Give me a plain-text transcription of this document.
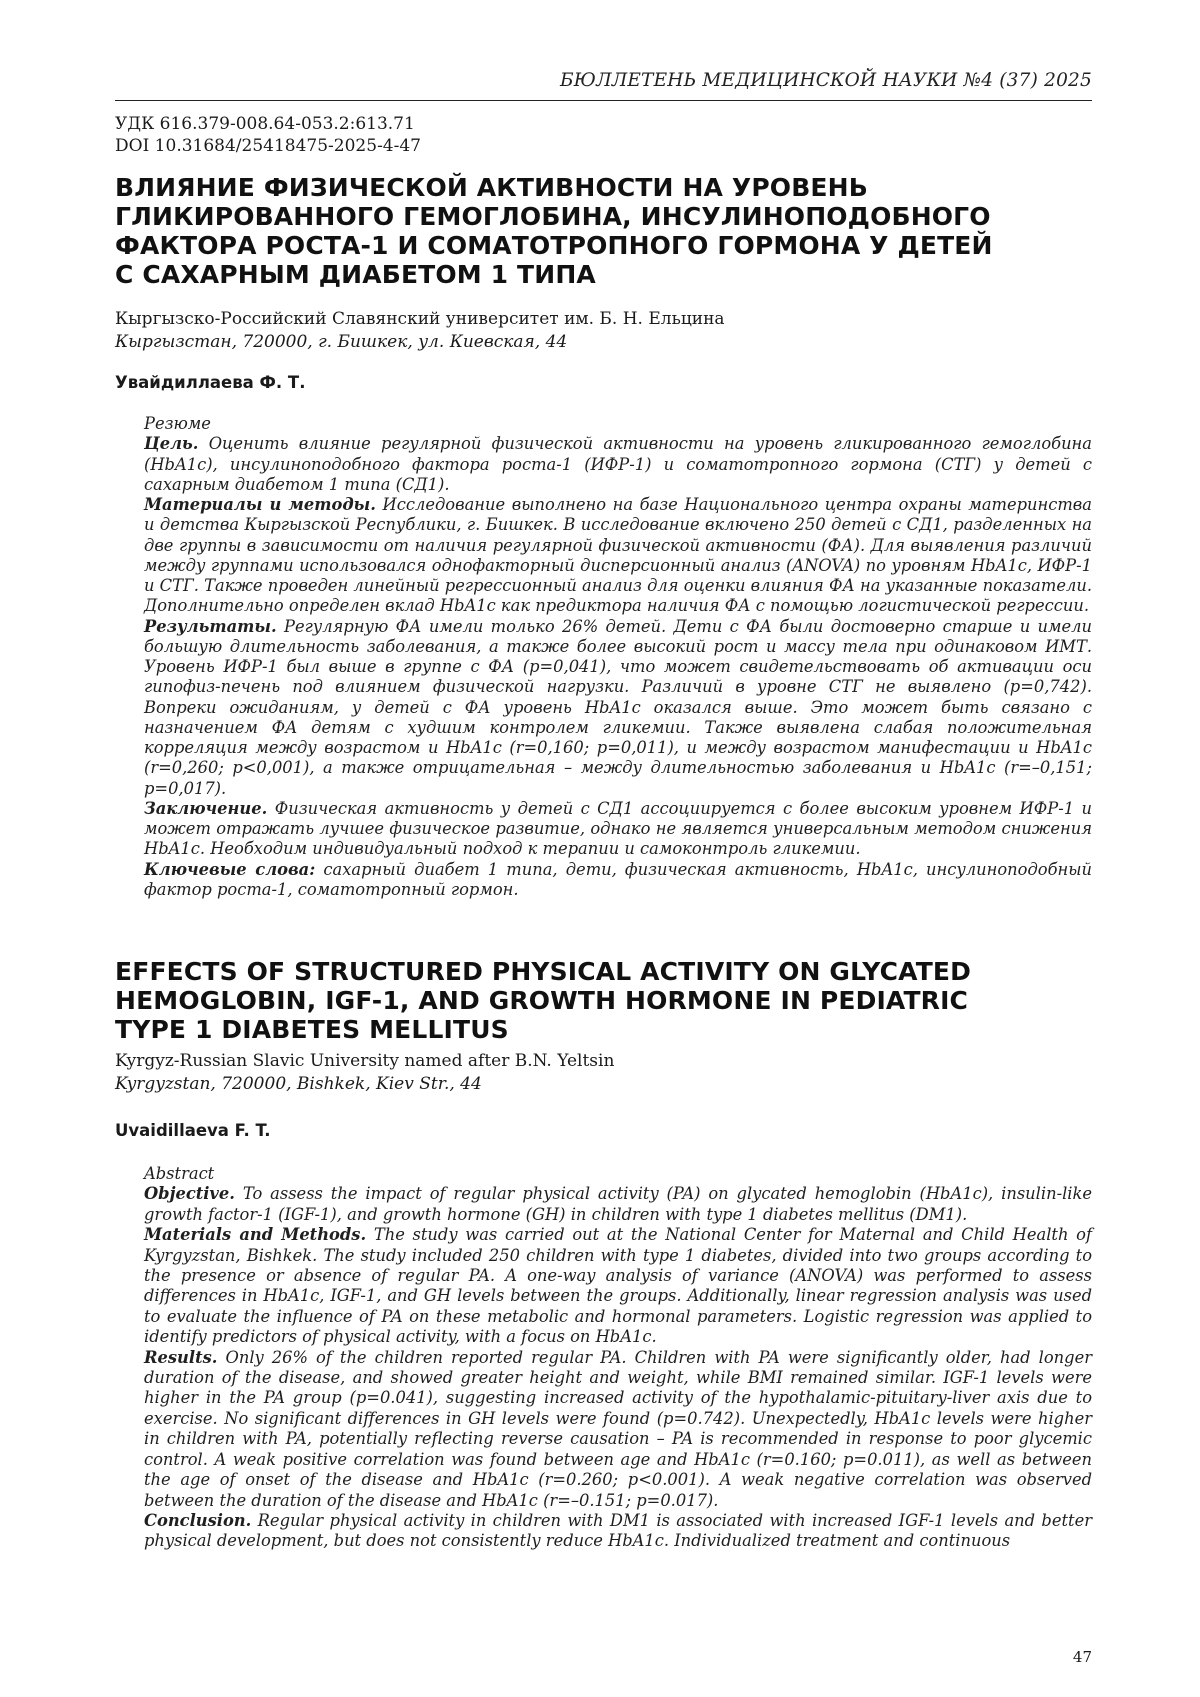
БЮЛЛЕТЕНЬ МЕДИЦИНСКОЙ НАУКИ №4 (37) 2025
УДК 616.379-008.64-053.2:613.71
DOI 10.31684/25418475-2025-4-47
ВЛИЯНИЕ ФИЗИЧЕСКОЙ АКТИВНОСТИ НА УРОВЕНЬ
ГЛИКИРОВАННОГО ГЕМОГЛОБИНА, ИНСУЛИНОПОДОБНОГО
ФАКТОРА РОСТА-1 И СОМАТОТРОПНОГО ГОРМОНА У ДЕТЕЙ
С САХАРНЫМ ДИАБЕТОМ 1 ТИПА
Кыргызско-Российский Славянский университет им. Б. Н. Ельцина
Кыргызстан, 720000, г. Бишкек, ул. Киевская, 44
Увайдиллаева Ф. Т.
Резюме

Цель. Оценить влияние регулярной физической активности на уровень гликированного гемоглобина (HbA1c), инсулиноподобного фактора роста-1 (ИФР-1) и соматотропного гормона (СТГ) у детей с сахарным диабетом 1 типа (СД1).

Материалы и методы. Исследование выполнено на базе Национального центра охраны материнства и детства Кыргызской Республики, г. Бишкек. В исследование включено 250 детей с СД1, разделенных на две группы в зависимости от наличия регулярной физической активности (ФА). Для выявления различий между группами использовался однофакторный дисперсионный анализ (ANOVA) по уровням HbA1c, ИФР-1 и СТГ. Также проведен линейный регрессионный анализ для оценки влияния ФА на указанные показатели. Дополнительно определен вклад HbA1c как предиктора наличия ФА с помощью логистической регрессии.

Результаты. Регулярную ФА имели только 26% детей. Дети с ФА были достоверно старше и имели большую длительность заболевания, а также более высокий рост и массу тела при одинаковом ИМТ. Уровень ИФР-1 был выше в группе с ФА (p=0,041), что может свидетельствовать об активации оси гипофиз-печень под влиянием физической нагрузки. Различий в уровне СТГ не выявлено (p=0,742). Вопреки ожиданиям, у детей с ФА уровень HbA1c оказался выше. Это может быть связано с назначением ФА детям с худшим контролем гликемии. Также выявлена слабая положительная корреляция между возрастом и HbA1c (r=0,160; p=0,011), и между возрастом манифестации и HbA1c (r=0,260; p<0,001), а также отрицательная – между длительностью заболевания и HbA1c (r=–0,151; p=0,017).

Заключение. Физическая активность у детей с СД1 ассоциируется с более высоким уровнем ИФР-1 и может отражать лучшее физическое развитие, однако не является универсальным методом снижения HbA1c. Необходим индивидуальный подход к терапии и самоконтроль гликемии.

Ключевые слова: сахарный диабет 1 типа, дети, физическая активность, HbA1c, инсулиноподобный фактор роста-1, соматотропный гормон.

EFFECTS OF STRUCTURED PHYSICAL ACTIVITY ON GLYCATED
HEMOGLOBIN, IGF-1, AND GROWTH HORMONE IN PEDIATRIC
TYPE 1 DIABETES MELLITUS
Kyrgyz-Russian Slavic University named after B.N. Yeltsin
Kyrgyzstan, 720000, Bishkek, Kiev Str., 44
Uvaidillaeva F. T.
Abstract

Objective. To assess the impact of regular physical activity (PA) on glycated hemoglobin (HbA1c), insulin-like growth factor-1 (IGF-1), and growth hormone (GH) in children with type 1 diabetes mellitus (DM1).

Materials and Methods. The study was carried out at the National Center for Maternal and Child Health of Kyrgyzstan, Bishkek. The study included 250 children with type 1 diabetes, divided into two groups according to the presence or absence of regular PA. A one-way analysis of variance (ANOVA) was performed to assess differences in HbA1c, IGF-1, and GH levels between the groups. Additionally, linear regression analysis was used to evaluate the influence of PA on these metabolic and hormonal parameters. Logistic regression was applied to identify predictors of physical activity, with a focus on HbA1c.

Results. Only 26% of the children reported regular PA. Children with PA were significantly older, had longer duration of the disease, and showed greater height and weight, while BMI remained similar. IGF-1 levels were higher in the PA group (p=0.041), suggesting increased activity of the hypothalamic-pituitary-liver axis due to exercise. No significant differences in GH levels were found (p=0.742). Unexpectedly, HbA1c levels were higher in children with PA, potentially reflecting reverse causation – PA is recommended in response to poor glycemic control. A weak positive correlation was found between age and HbA1c (r=0.160; p=0.011), as well as between the age of onset of the disease and HbA1c (r=0.260; p<0.001). A weak negative correlation was observed between the duration of the disease and HbA1c (r=–0.151; p=0.017).

Conclusion. Regular physical activity in children with DM1 is associated with increased IGF-1 levels and better physical development, but does not consistently reduce HbA1c. Individualized treatment and continuous

47
